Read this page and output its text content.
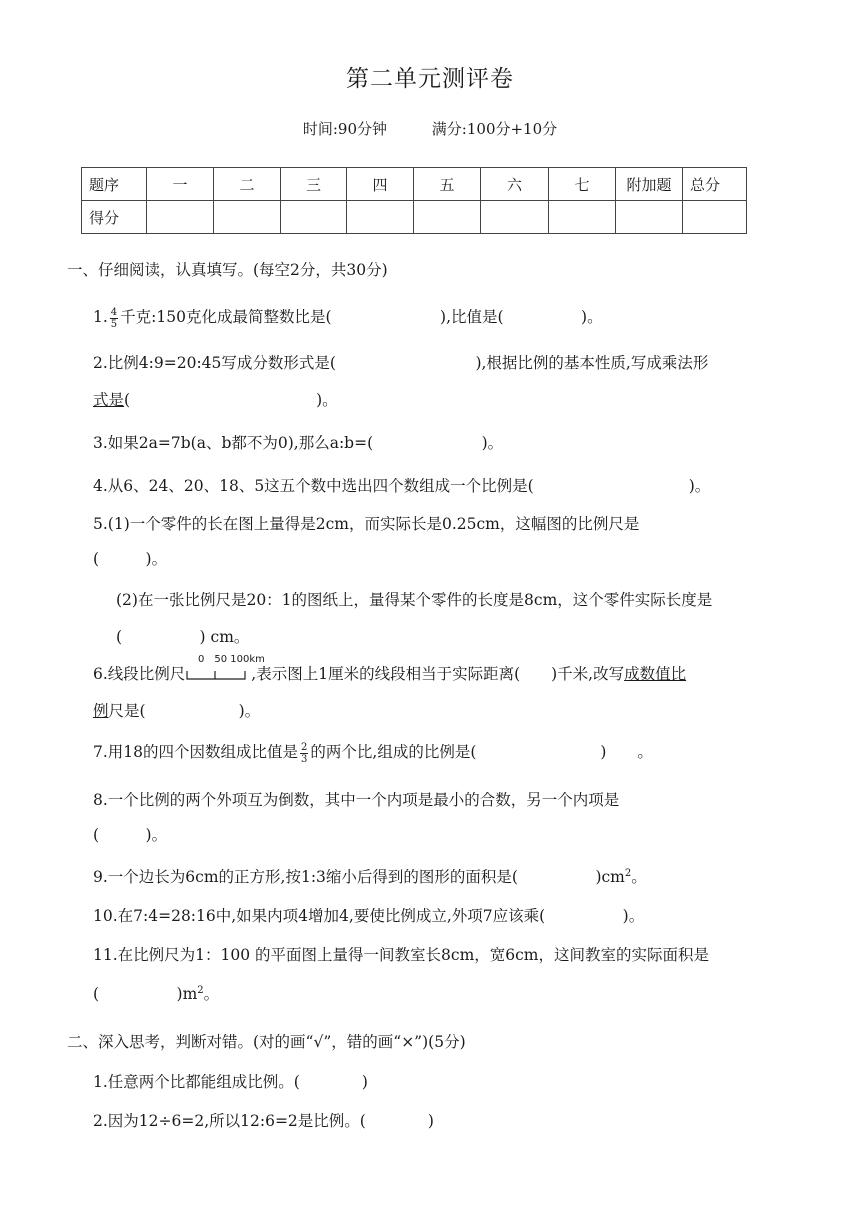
第二单元测评卷
时间:90分钟	满分:100分+10分
题序	一	二	三	四	五	六	七	附加题	总分
得分									
一、仔细阅读，认真填写。(每空2分，共30分)
1. $\frac{4}{5}$ 千克:150克化成最简整数比是(　　　　　　　),比值是(　　　　　)。
2.比例4:9=20:45写成分数形式是(　　　　　　　　　),根据比例的基本性质,写成乘法形
式是(　　　　　　　　　　　　)。
3.如果2a=7b(a、b都不为0),那么a:b=(　　　　　　　)。
4.从6、24、20、18、5这五个数中选出四个数组成一个比例是(　　　　　　　　　　)。
5.(1)一个零件的长在图上量得是2cm，而实际长是0.25cm，这幅图的比例尺是
(　　　)。
(2)在一张比例尺是20：1的图纸上，量得某个零件的长度是8cm，这个零件实际长度是
(　　　　　) cm。
0　50 100km
6.线段比例尺	,表示图上1厘米的线段相当于实际距离(　　)千米,改写成数值比
例尺是(　　　　　　)。
7.用18的四个因数组成比值是 $\frac{2}{3}$ 的两个比,组成的比例是(　　　　　　　　)　　。
8.一个比例的两个外项互为倒数，其中一个内项是最小的合数，另一个内项是
(　　　)。
9.一个边长为6cm的正方形,按1:3缩小后得到的图形的面积是(　　　　　)$cm^2$。
10.在7:4=28:16中,如果内项4增加4,要使比例成立,外项7应该乘(　　　　　)。
11.在比例尺为1：100 的平面图上量得一间教室长8cm，宽6cm，这间教室的实际面积是
(　　　　　)$m^2$。
二、深入思考，判断对错。(对的画“√”，错的画“×”)(5分)
1.任意两个比都能组成比例。(　　　　)
2.因为12÷6=2,所以12:6=2是比例。(　　　　)
